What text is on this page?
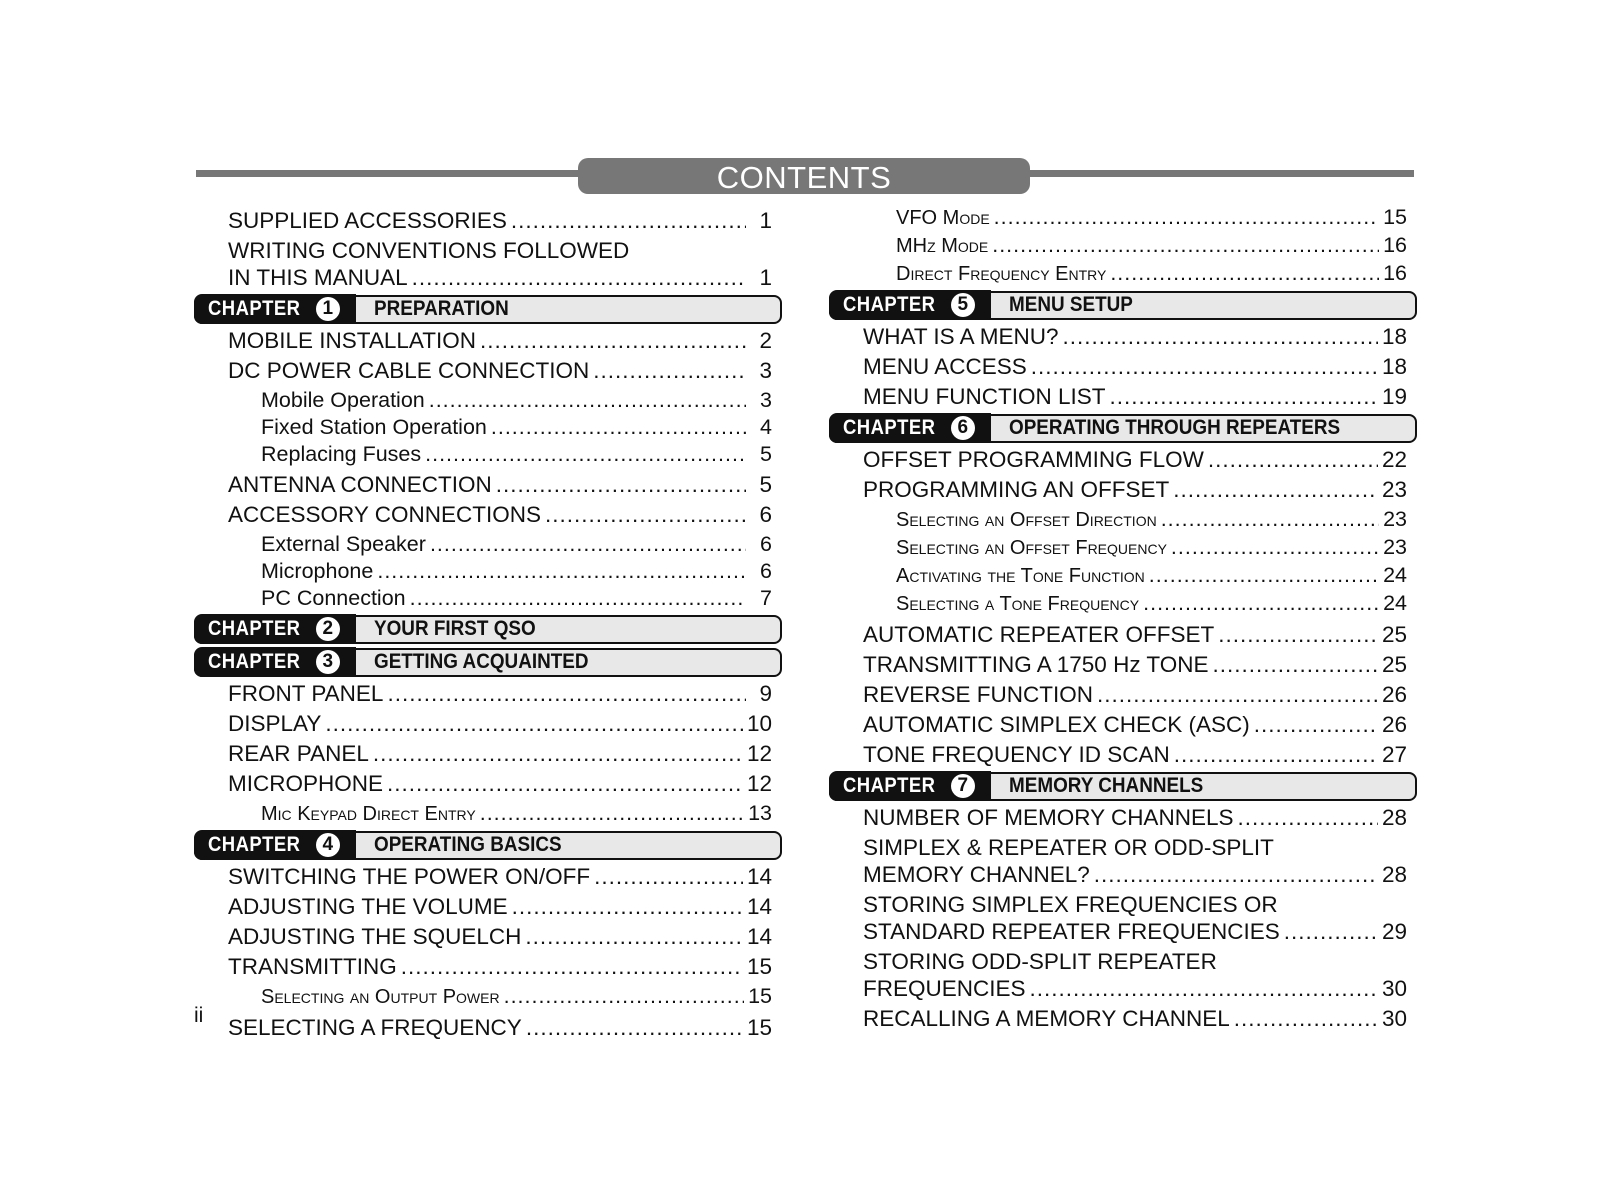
CONTENTS
SUPPLIED ACCESSORIES .....	1
WRITING CONVENTIONS FOLLOWED
IN THIS MANUAL .....	1
CHAPTER	1	PREPARATION
MOBILE INSTALLATION .....	2
DC POWER CABLE CONNECTION .....	3
Mobile Operation .....	3
Fixed Station Operation .....	4
Replacing Fuses .....	5
ANTENNA CONNECTION .....	5
ACCESSORY CONNECTIONS .....	6
External Speaker .....	6
Microphone .....	6
PC Connection .....	7
CHAPTER	2	YOUR FIRST QSO
CHAPTER	3	GETTING ACQUAINTED
FRONT PANEL .....	9
DISPLAY .....	10
REAR PANEL .....	12
MICROPHONE .....	12
Mic Keypad Direct Entry .....	13
CHAPTER	4	OPERATING BASICS
SWITCHING THE POWER ON/OFF .....	14
ADJUSTING THE VOLUME .....	14
ADJUSTING THE SQUELCH .....	14
TRANSMITTING .....	15
Selecting an Output Power .....	15
SELECTING A FREQUENCY .....	15
VFO Mode .....	15
MHz Mode .....	16
Direct Frequency Entry .....	16
CHAPTER	5	MENU SETUP
WHAT IS A MENU? .....	18
MENU ACCESS .....	18
MENU FUNCTION LIST .....	19
CHAPTER	6	OPERATING THROUGH REPEATERS
OFFSET PROGRAMMING FLOW .....	22
PROGRAMMING AN OFFSET .....	23
Selecting an Offset Direction .....	23
Selecting an Offset Frequency .....	23
Activating the Tone Function .....	24
Selecting a Tone Frequency .....	24
AUTOMATIC REPEATER OFFSET .....	25
TRANSMITTING A 1750 Hz TONE .....	25
REVERSE FUNCTION .....	26
AUTOMATIC SIMPLEX CHECK (ASC) .....	26
TONE FREQUENCY ID SCAN .....	27
CHAPTER	7	MEMORY CHANNELS
NUMBER OF MEMORY CHANNELS .....	28
SIMPLEX & REPEATER OR ODD-SPLIT
MEMORY CHANNEL? .....	28
STORING SIMPLEX FREQUENCIES OR
STANDARD REPEATER FREQUENCIES .....	29
STORING ODD-SPLIT REPEATER
FREQUENCIES .....	30
RECALLING A MEMORY CHANNEL .....	30
ii
